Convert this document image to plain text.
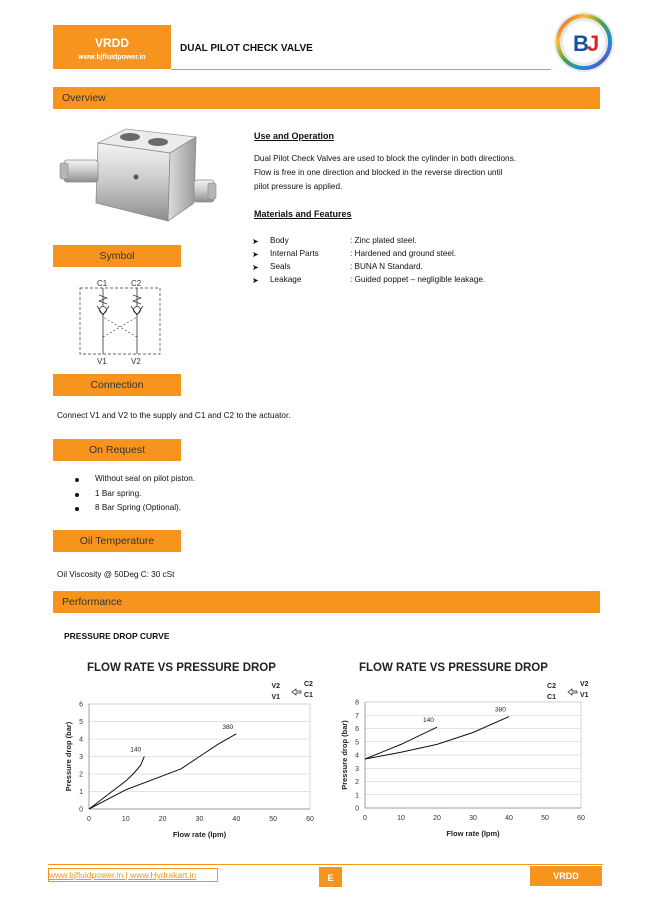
VRDD
www.bjfluidpower.in
DUAL PILOT CHECK VALVE	B
J
Overview
Use and Operation
Dual Pilot Check Valves are used to block the cylinder in both directions.
Flow is free in one direction and blocked in the reverse direction until
pilot pressure is applied.
Materials and Features
➤ Body	: Zinc plated steel.
➤ Internal Parts	: Hardened and ground steel.
➤ Seals	: BUNA N Standard.
➤ Leakage	: Guided poppet – negligible leakage.
Symbol
C1	C2
V1	V2
Connection
Connect V1 and V2 to the supply and C1 and C2 to the actuator.
On Request
Without seal on pilot piston.
1 Bar spring.
8 Bar Spring (Optional).
Oil Temperature
Oil Viscosity @ 50Deg C: 30 cSt
Performance
PRESSURE DROP CURVE
FLOW RATE VS PRESSURE DROP
0
1
2
3
4
5
6
0	10	20	30	40	50	60
Flow rate (lpm)
Pressure drop (bar)
V2
V1
C2
C1
140
380
FLOW RATE VS PRESSURE DROP
0
1
2
3
4
5
6
7
8
0	10	20	30	40	50	60
Flow rate (lpm)
Pressure drop (bar)
C2
C1
V2
V1
140
380
www.bjfluidpower.in | www.Hydrakart.in	E	VRDD
